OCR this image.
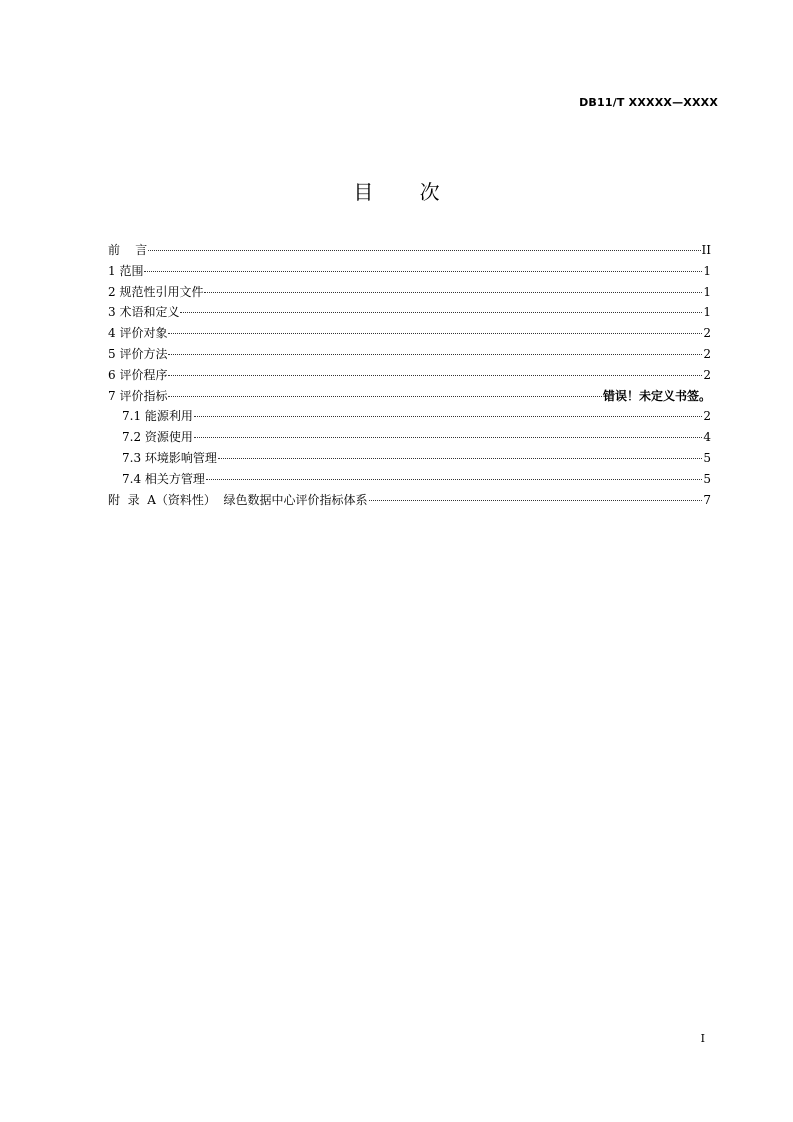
DB11/T XXXXX—XXXX
目 次
前    言	II
1 范围	1
2 规范性引用文件	1
3 术语和定义	1
4 评价对象	2
5 评价方法	2
6 评价程序	2
7 评价指标	错误！未定义书签。
7.1 能源利用	2
7.2 资源使用	4
7.3 环境影响管理	5
7.4 相关方管理	5
附  录  A（资料性）  绿色数据中心评价指标体系	7
I
